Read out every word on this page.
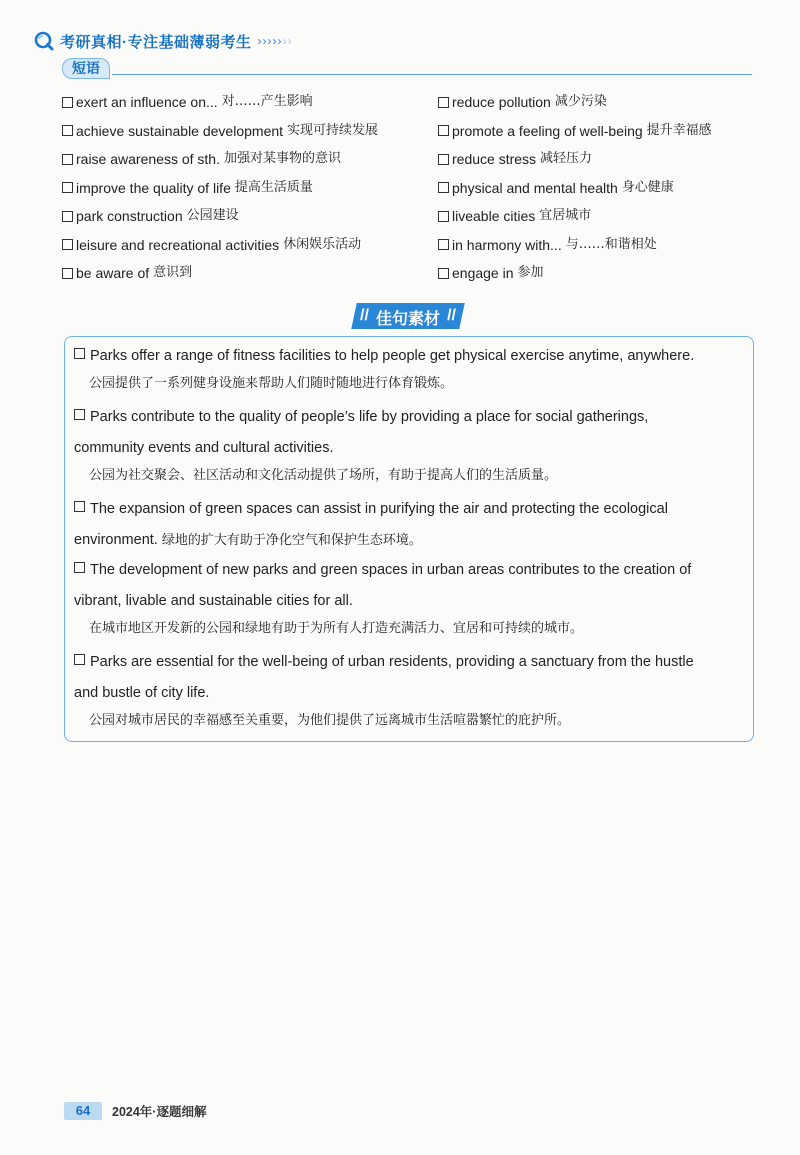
考研真相·专注基础薄弱考生 ›››››››
短语
exert an influence on... 对……产生影响
achieve sustainable development 实现可持续发展
raise awareness of sth. 加强对某事物的意识
improve the quality of life 提高生活质量
park construction 公园建设
leisure and recreational activities 休闲娱乐活动
be aware of 意识到
reduce pollution 减少污染
promote a feeling of well-being 提升幸福感
reduce stress 减轻压力
physical and mental health 身心健康
liveable cities 宜居城市
in harmony with... 与……和谐相处
engage in 参加
// 佳句素材 //
Parks offer a range of fitness facilities to help people get physical exercise anytime, anywhere.
公园提供了一系列健身设施来帮助人们随时随地进行体育锻炼。
Parks contribute to the quality of people’s life by providing a place for social gatherings,
community events and cultural activities.
公园为社交聚会、社区活动和文化活动提供了场所，有助于提高人们的生活质量。
The expansion of green spaces can assist in purifying the air and protecting the ecological
environment. 绿地的扩大有助于净化空气和保护生态环境。
The development of new parks and green spaces in urban areas contributes to the creation of
vibrant, livable and sustainable cities for all.
在城市地区开发新的公园和绿地有助于为所有人打造充满活力、宜居和可持续的城市。
Parks are essential for the well-being of urban residents, providing a sanctuary from the hustle
and bustle of city life.
公园对城市居民的幸福感至关重要，为他们提供了远离城市生活喧嚣繁忙的庇护所。
64	2024年·逐题细解
